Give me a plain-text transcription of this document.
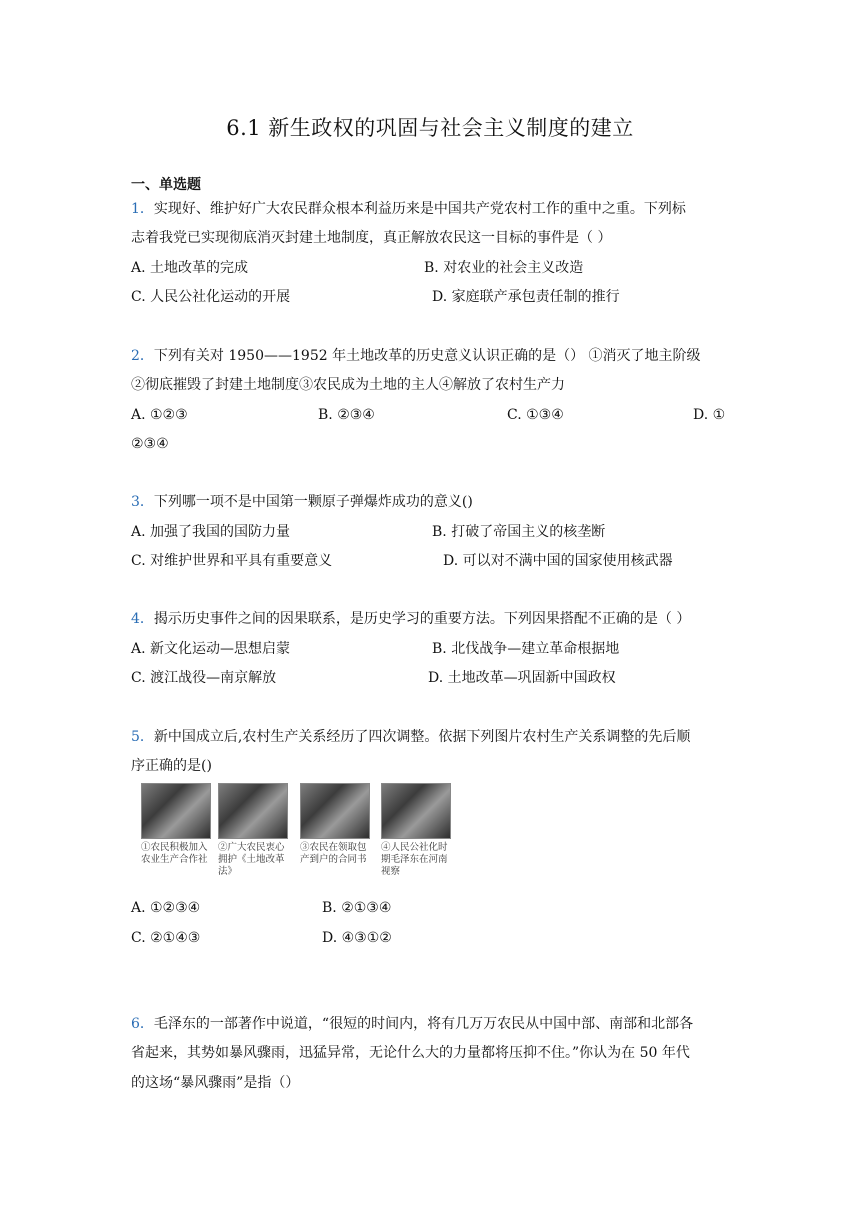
6.1 新生政权的巩固与社会主义制度的建立
一、单选题
1．实现好、维护好广大农民群众根本利益历来是中国共产党农村工作的重中之重。下列标
志着我党已实现彻底消灭封建土地制度，真正解放农民这一目标的事件是（ ）
A. 土地改革的完成	B. 对农业的社会主义改造
C. 人民公社化运动的开展	D. 家庭联产承包责任制的推行
2．下列有关对 1950——1952 年土地改革的历史意义认识正确的是（） ①消灭了地主阶级
②彻底摧毁了封建土地制度③农民成为土地的主人④解放了农村生产力
A. ①②③	B. ②③④	C. ①③④	D. ①
②③④
3．下列哪一项不是中国第一颗原子弹爆炸成功的意义()
A. 加强了我国的国防力量	B. 打破了帝国主义的核垄断
C. 对维护世界和平具有重要意义	D. 可以对不满中国的国家使用核武器
4．揭示历史事件之间的因果联系，是历史学习的重要方法。下列因果搭配不正确的是（ ）
A. 新文化运动—思想启蒙	B. 北伐战争—建立革命根据地
C. 渡江战役—南京解放	D. 土地改革—巩固新中国政权
5．新中国成立后,农村生产关系经历了四次调整。依据下列图片农村生产关系调整的先后顺
序正确的是()
①农民积极加入农业生产合作社
②广大农民衷心拥护《土地改革法》
③农民在领取包产到户的合同书
④人民公社化时期毛泽东在河南视察
A. ①②③④	B. ②①③④
C. ②①④③	D. ④③①②
6．毛泽东的一部著作中说道，“很短的时间内，将有几万万农民从中国中部、南部和北部各
省起来，其势如暴风骤雨，迅猛异常，无论什么大的力量都将压抑不住。”你认为在 50 年代
的这场“暴风骤雨”是指（）
